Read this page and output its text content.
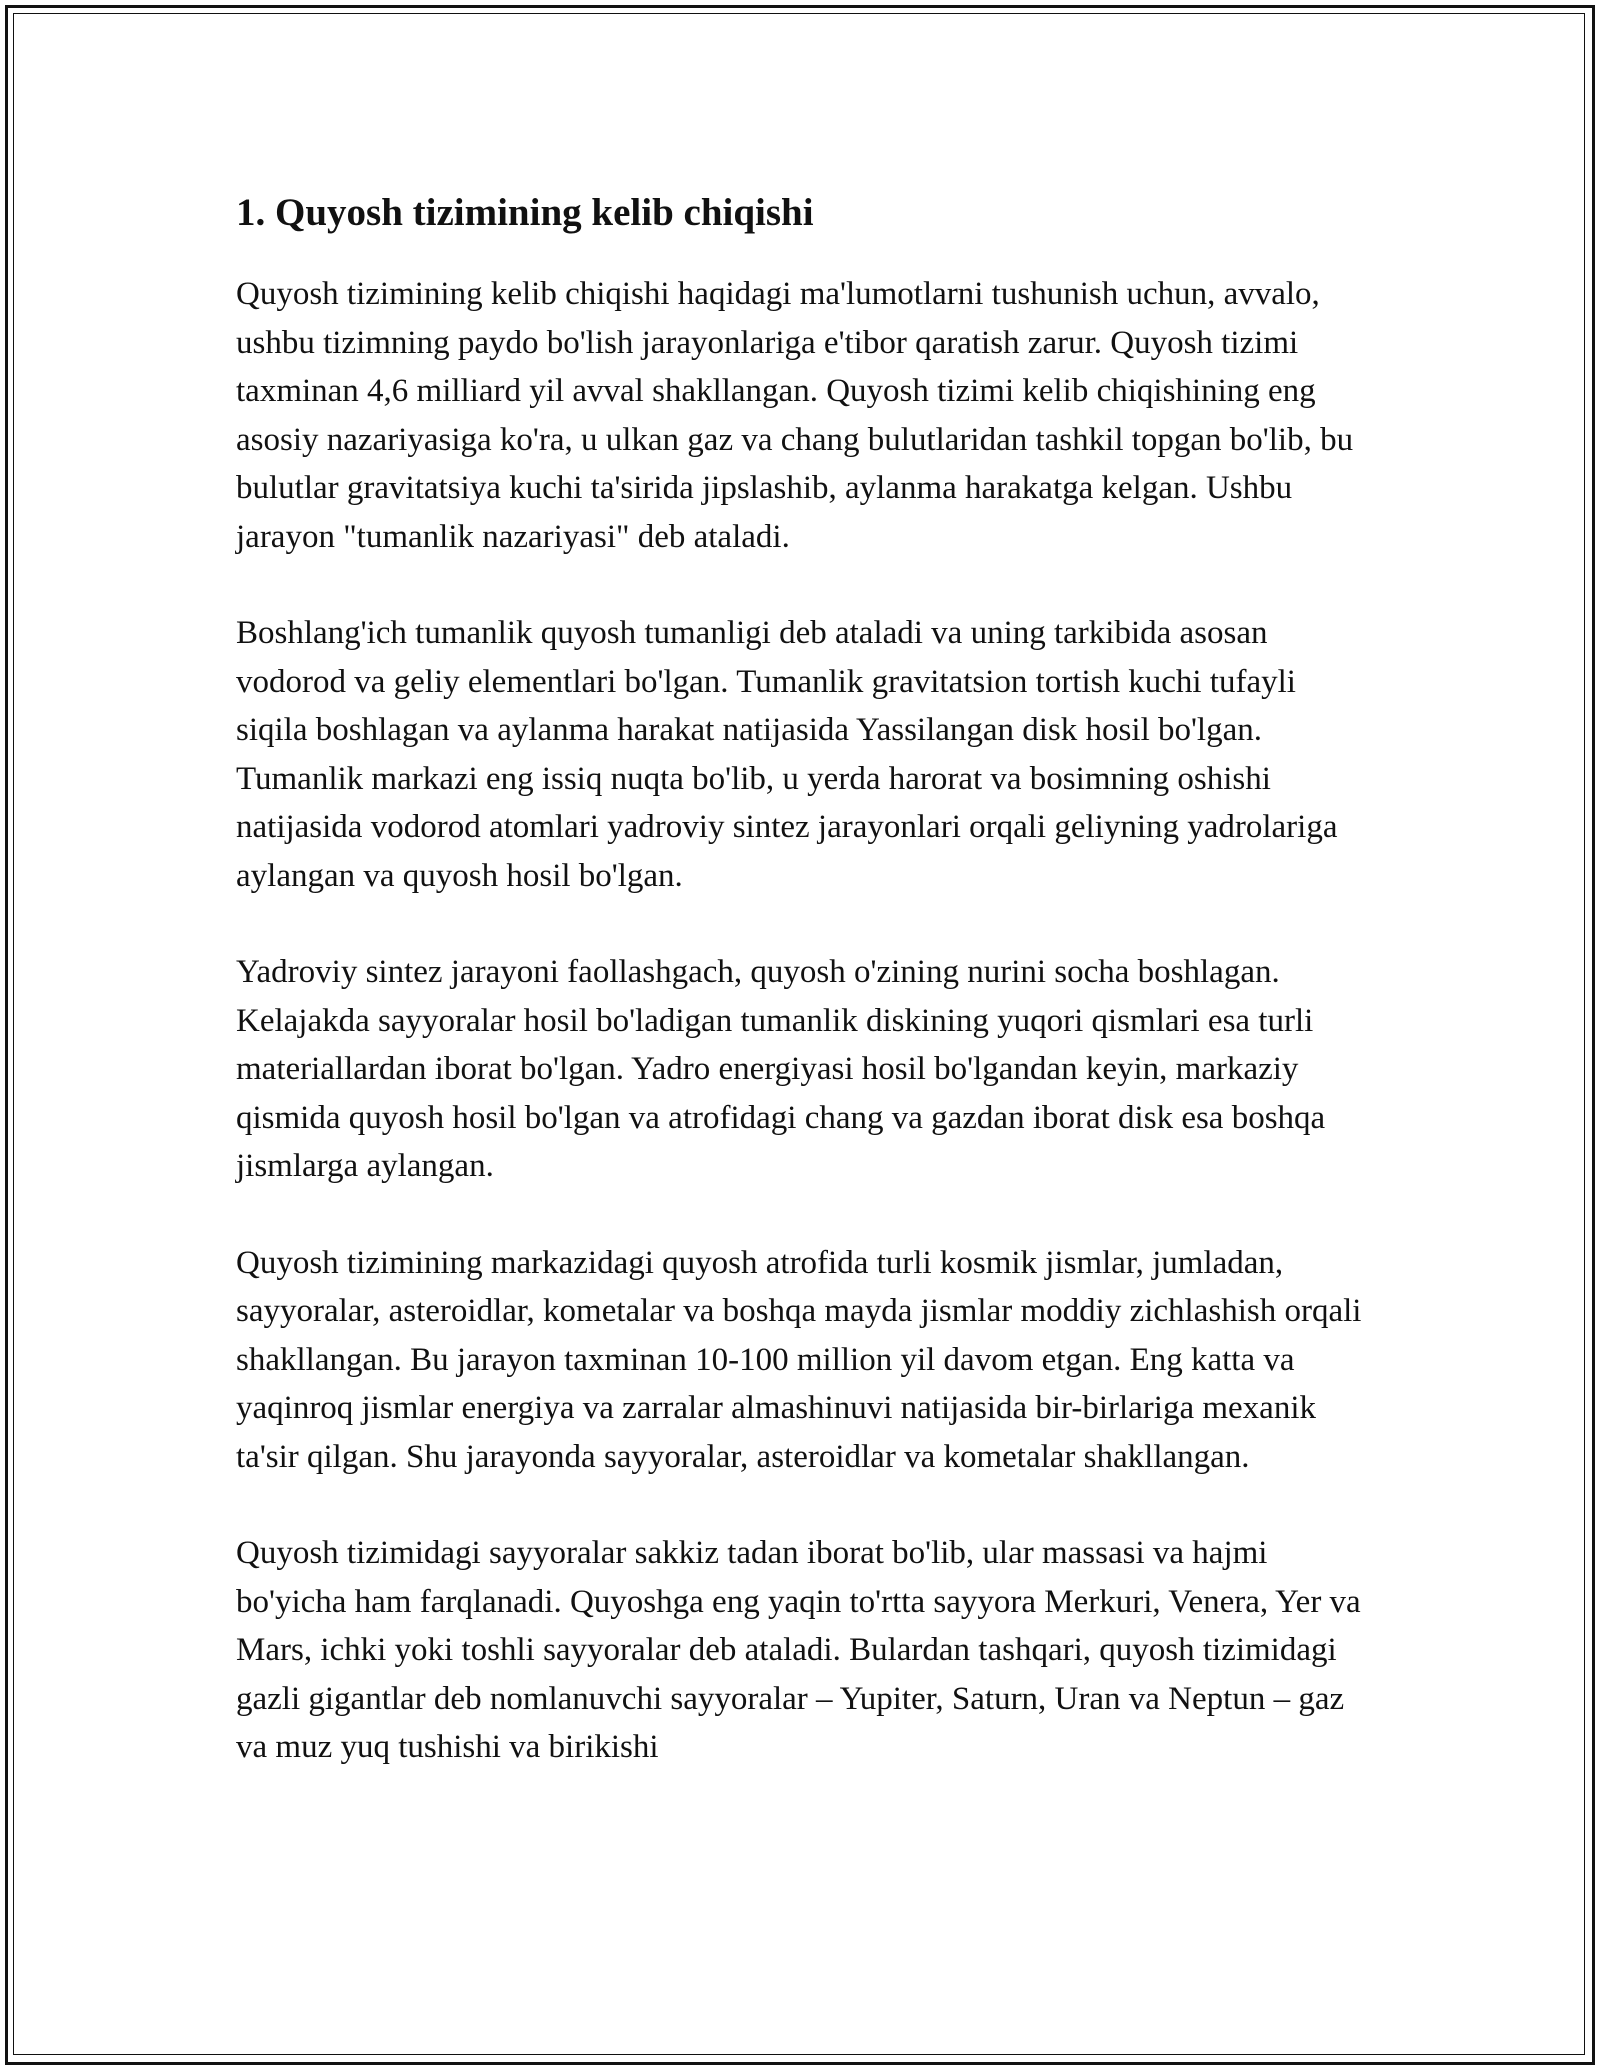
1. Quyosh tizimining kelib chiqishi

Quyosh tizimining kelib chiqishi haqidagi ma'lumotlarni tushunish uchun, avvalo, ushbu tizimning paydo bo'lish jarayonlariga e'tibor qaratish zarur. Quyosh tizimi taxminan 4,6 milliard yil avval shakllangan. Quyosh tizimi kelib chiqishining eng asosiy nazariyasiga ko'ra, u ulkan gaz va chang bulutlaridan tashkil topgan bo'lib, bu bulutlar gravitatsiya kuchi ta'sirida jipslashib, aylanma harakatga kelgan. Ushbu jarayon "tumanlik nazariyasi" deb ataladi.

Boshlang'ich tumanlik quyosh tumanligi deb ataladi va uning tarkibida asosan vodorod va geliy elementlari bo'lgan. Tumanlik gravitatsion tortish kuchi tufayli siqila boshlagan va aylanma harakat natijasida Yassilangan disk hosil bo'lgan. Tumanlik markazi eng issiq nuqta bo'lib, u yerda harorat va bosimning oshishi natijasida vodorod atomlari yadroviy sintez jarayonlari orqali geliyning yadrolariga aylangan va quyosh hosil bo'lgan.

Yadroviy sintez jarayoni faollashgach, quyosh o'zining nurini socha boshlagan. Kelajakda sayyoralar hosil bo'ladigan tumanlik diskining yuqori qismlari esa turli materiallardan iborat bo'lgan. Yadro energiyasi hosil bo'lgandan keyin, markaziy qismida quyosh hosil bo'lgan va atrofidagi chang va gazdan iborat disk esa boshqa jismlarga aylangan.

Quyosh tizimining markazidagi quyosh atrofida turli kosmik jismlar, jumladan, sayyoralar, asteroidlar, kometalar va boshqa mayda jismlar moddiy zichlashish orqali shakllangan. Bu jarayon taxminan 10-100 million yil davom etgan. Eng katta va yaqinroq jismlar energiya va zarralar almashinuvi natijasida bir-birlariga mexanik ta'sir qilgan. Shu jarayonda sayyoralar, asteroidlar va kometalar shakllangan.

Quyosh tizimidagi sayyoralar sakkiz tadan iborat bo'lib, ular massasi va hajmi bo'yicha ham farqlanadi. Quyoshga eng yaqin to'rtta sayyora Merkuri, Venera, Yer va Mars, ichki yoki toshli sayyoralar deb ataladi. Bulardan tashqari, quyosh tizimidagi gazli gigantlar deb nomlanuvchi sayyoralar – Yupiter, Saturn, Uran va Neptun – gaz va muz yuq tushishi va birikishi
